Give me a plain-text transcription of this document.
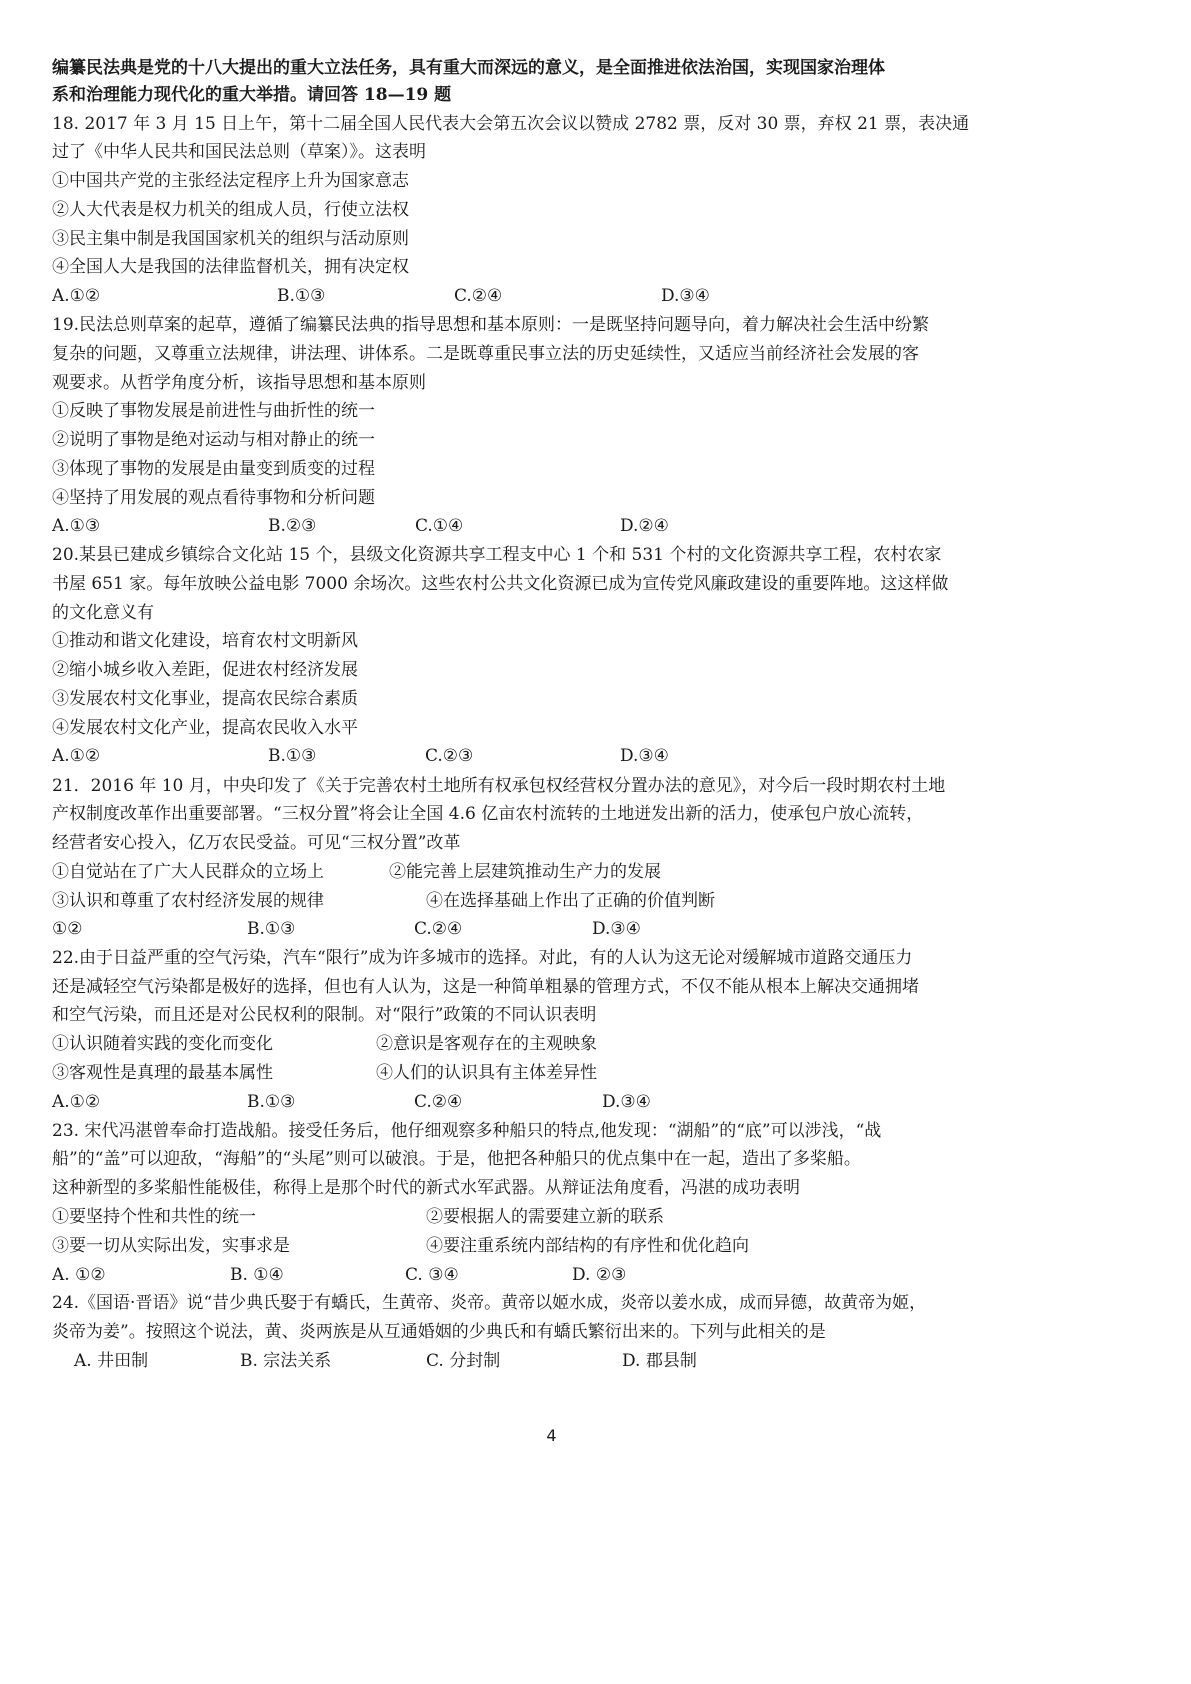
编纂民法典是党的十八大提出的重大立法任务，具有重大而深远的意义，是全面推进依法治国，实现国家治理体
系和治理能力现代化的重大举措。请回答 18—19 题
18. 2017 年 3 月 15 日上午，第十二届全国人民代表大会第五次会议以赞成 2782 票，反对 30 票，弃权 21 票，表决通
过了《中华人民共和国民法总则（草案）》。这表明
①中国共产党的主张经法定程序上升为国家意志
②人大代表是权力机关的组成人员，行使立法权
③民主集中制是我国国家机关的组织与活动原则
④全国人大是我国的法律监督机关，拥有决定权
A.①②	B.①③	C.②④	D.③④
19.民法总则草案的起草，遵循了编纂民法典的指导思想和基本原则：一是既坚持问题导向，着力解决社会生活中纷繁
复杂的问题，又尊重立法规律，讲法理、讲体系。二是既尊重民事立法的历史延续性，又适应当前经济社会发展的客
观要求。从哲学角度分析，该指导思想和基本原则
①反映了事物发展是前进性与曲折性的统一
②说明了事物是绝对运动与相对静止的统一
③体现了事物的发展是由量变到质变的过程
④坚持了用发展的观点看待事物和分析问题
A.①③	B.②③	C.①④	D.②④
20.某县已建成乡镇综合文化站 15 个，县级文化资源共享工程支中心 1 个和 531 个村的文化资源共享工程，农村农家
书屋 651 家。每年放映公益电影 7000 余场次。这些农村公共文化资源已成为宣传党风廉政建设的重要阵地。这这样做
的文化意义有
①推动和谐文化建设，培育农村文明新风
②缩小城乡收入差距，促进农村经济发展
③发展农村文化事业，提高农民综合素质
④发展农村文化产业，提高农民收入水平
A.①②	B.①③	C.②③	D.③④
21．2016 年 10 月，中央印发了《关于完善农村土地所有权承包权经营权分置办法的意见》，对今后一段时期农村土地
产权制度改革作出重要部署。“三权分置”将会让全国 4.6 亿亩农村流转的土地迸发出新的活力，使承包户放心流转，
经营者安心投入，亿万农民受益。可见“三权分置”改革
①自觉站在了广大人民群众的立场上	②能完善上层建筑推动生产力的发展
③认识和尊重了农村经济发展的规律	④在选择基础上作出了正确的价值判断
①②	B.①③	C.②④	D.③④
22.由于日益严重的空气污染，汽车“限行”成为许多城市的选择。对此，有的人认为这无论对缓解城市道路交通压力
还是减轻空气污染都是极好的选择，但也有人认为，这是一种简单粗暴的管理方式，不仅不能从根本上解决交通拥堵
和空气污染，而且还是对公民权利的限制。对“限行”政策的不同认识表明
①认识随着实践的变化而变化	②意识是客观存在的主观映象
③客观性是真理的最基本属性	④人们的认识具有主体差异性
A.①②	B.①③	C.②④	D.③④
23. 宋代冯湛曾奉命打造战船。接受任务后，他仔细观察多种船只的特点,他发现：“湖船”的“底”可以涉浅，“战
船”的“盖”可以迎敌，“海船”的“头尾”则可以破浪。于是，他把各种船只的优点集中在一起，造出了多桨船。
这种新型的多桨船性能极佳，称得上是那个时代的新式水军武器。从辩证法角度看，冯湛的成功表明
①要坚持个性和共性的统一	②要根据人的需要建立新的联系
③要一切从实际出发，实事求是	④要注重系统内部结构的有序性和优化趋向
A. ①②	B. ①④	C. ③④	D. ②③
24.《国语·晋语》说“昔少典氏娶于有蟜氏，生黄帝、炎帝。黄帝以姬水成，炎帝以姜水成，成而异德，故黄帝为姬，
炎帝为姜”。按照这个说法，黄、炎两族是从互通婚姻的少典氏和有蟜氏繁衍出来的。下列与此相关的是
A. 井田制	B. 宗法关系	C. 分封制	D. 郡县制
4
